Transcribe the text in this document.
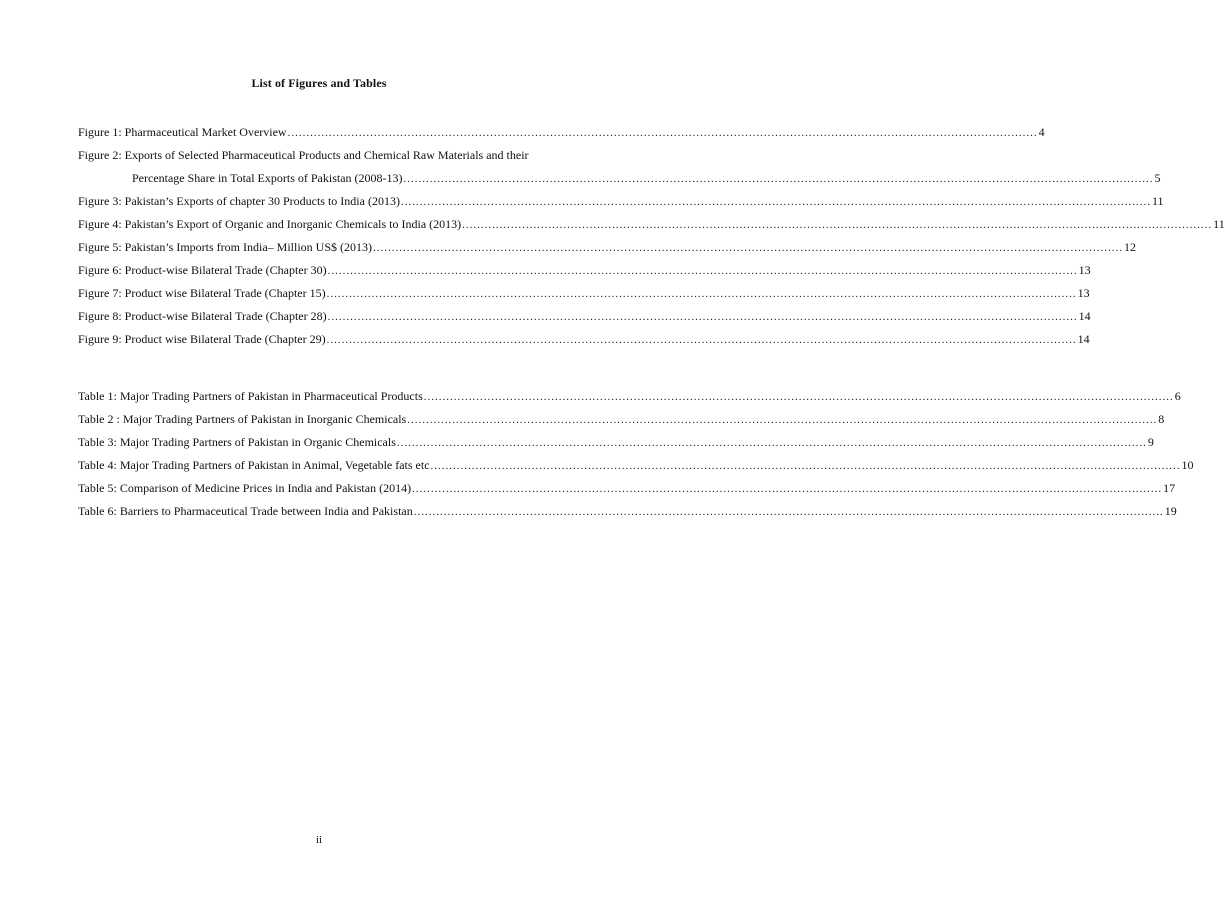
List of Figures and Tables
Figure 1: Pharmaceutical Market Overview ........................................................................................................................................................................................................ 4
Figure 2: Exports of Selected Pharmaceutical Products and Chemical Raw Materials and their
Percentage Share in Total Exports of Pakistan (2008-13) ........................................................................................................................................................................................................ 5
Figure 3: Pakistan’s Exports of chapter 30 Products to India (2013) ........................................................................................................................................................................................................ 11
Figure 4: Pakistan’s Export of Organic and Inorganic Chemicals to India (2013) ........................................................................................................................................................................................................ 11
Figure 5: Pakistan’s Imports from India– Million US$ (2013) ........................................................................................................................................................................................................ 12
Figure 6: Product-wise Bilateral Trade (Chapter 30) ........................................................................................................................................................................................................ 13
Figure 7: Product wise Bilateral Trade (Chapter 15) ........................................................................................................................................................................................................ 13
Figure 8: Product-wise Bilateral Trade (Chapter 28) ........................................................................................................................................................................................................ 14
Figure 9: Product wise Bilateral Trade (Chapter 29) ........................................................................................................................................................................................................ 14
Table 1: Major Trading Partners of Pakistan in Pharmaceutical Products ........................................................................................................................................................................................................ 6
Table 2 : Major Trading Partners of Pakistan in Inorganic Chemicals ........................................................................................................................................................................................................ 8
Table 3: Major Trading Partners of Pakistan in Organic Chemicals ........................................................................................................................................................................................................ 9
Table 4: Major Trading Partners of Pakistan in Animal, Vegetable fats etc ........................................................................................................................................................................................................ 10
Table 5: Comparison of Medicine Prices in India and Pakistan (2014) ........................................................................................................................................................................................................ 17
Table 6: Barriers to Pharmaceutical Trade between India and Pakistan ........................................................................................................................................................................................................ 19
ii
